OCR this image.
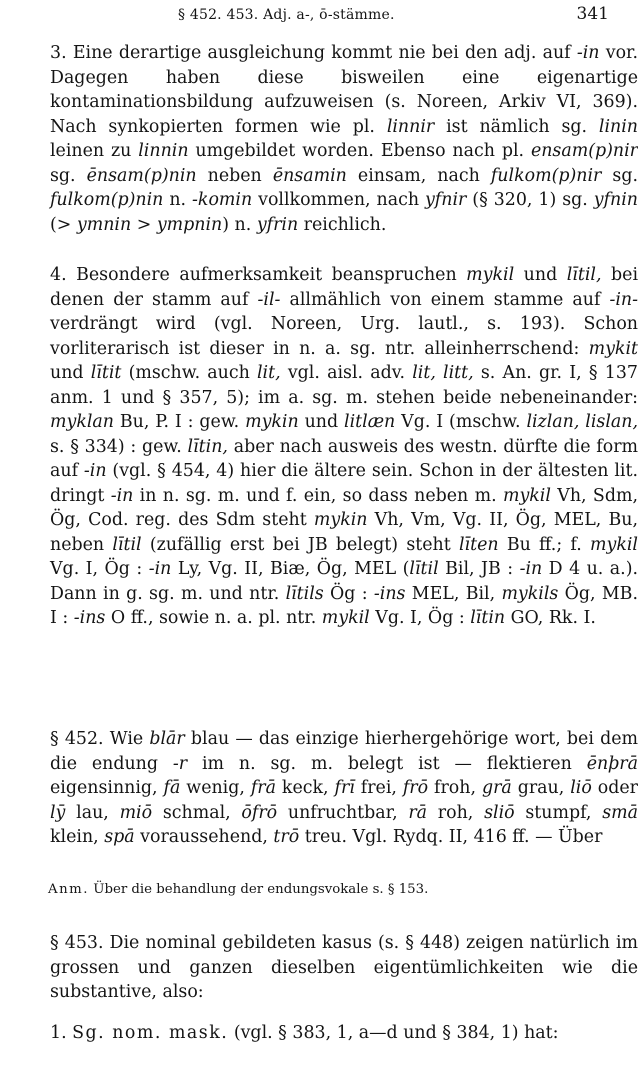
§ 452. 453. Adj. a-, ō-stämme.	341
3. Eine derartige ausgleichung kommt nie bei den adj. auf -in vor. Dagegen haben diese bisweilen eine eigenartige kontaminationsbildung aufzuweisen (s. Noreen, Arkiv VI, 369). Nach synkopierten formen wie pl. linnir ist nämlich sg. linin leinen zu linnin umgebildet worden. Ebenso nach pl. ensam(p)nir sg. ēnsam(p)nin neben ēnsamin einsam, nach fulkom(p)nir sg. fulkom(p)nin n. -komin vollkommen, nach yfnir (§ 320, 1) sg. yfnin (> ymnin > ympnin) n. yfrin reichlich.
4. Besondere aufmerksamkeit beanspruchen mykil und lītil, bei denen der stamm auf -il- allmählich von einem stamme auf -in- verdrängt wird (vgl. Noreen, Urg. lautl., s. 193). Schon vorliterarisch ist dieser in n. a. sg. ntr. alleinherrschend: mykit und lītit (mschw. auch lit, vgl. aisl. adv. lit, litt, s. An. gr. I, § 137 anm. 1 und § 357, 5); im a. sg. m. stehen beide nebeneinander: myklan Bu, P. I : gew. mykin und litlæn Vg. I (mschw. lizlan, lislan, s. § 334) : gew. lītin, aber nach ausweis des westn. dürfte die form auf -in (vgl. § 454, 4) hier die ältere sein. Schon in der ältesten lit. dringt -in in n. sg. m. und f. ein, so dass neben m. mykil Vh, Sdm, Ög, Cod. reg. des Sdm steht mykin Vh, Vm, Vg. II, Ög, MEL, Bu, neben lītil (zufällig erst bei JB belegt) steht līten Bu ff.; f. mykil Vg. I, Ög : -in Ly, Vg. II, Biæ, Ög, MEL (lītil Bil, JB : -in D 4 u. a.). Dann in g. sg. m. und ntr. lītils Ög : -ins MEL, Bil, mykils Ög, MB. I : -ins O ff., sowie n. a. pl. ntr. mykil Vg. I, Ög : lītin GO, Rk. I.
§ 452. Wie blār blau — das einzige hierhergehörige wort, bei dem die endung -r im n. sg. m. belegt ist — flektieren ēnþrā eigensinnig, fā wenig, frā keck, frī frei, frō froh, grā grau, liō oder lȳ lau, miō schmal, ōfrō unfruchtbar, rā roh, sliō stumpf, smā klein, spā voraussehend, trō treu. Vgl. Rydq. II, 416 ff. — Über
Anm. Über die behandlung der endungsvokale s. § 153.
§ 453. Die nominal gebildeten kasus (s. § 448) zeigen natürlich im grossen und ganzen dieselben eigentümlichkeiten wie die substantive, also:
1. Sg. nom. mask. (vgl. § 383, 1, a—d und § 384, 1) hat:
